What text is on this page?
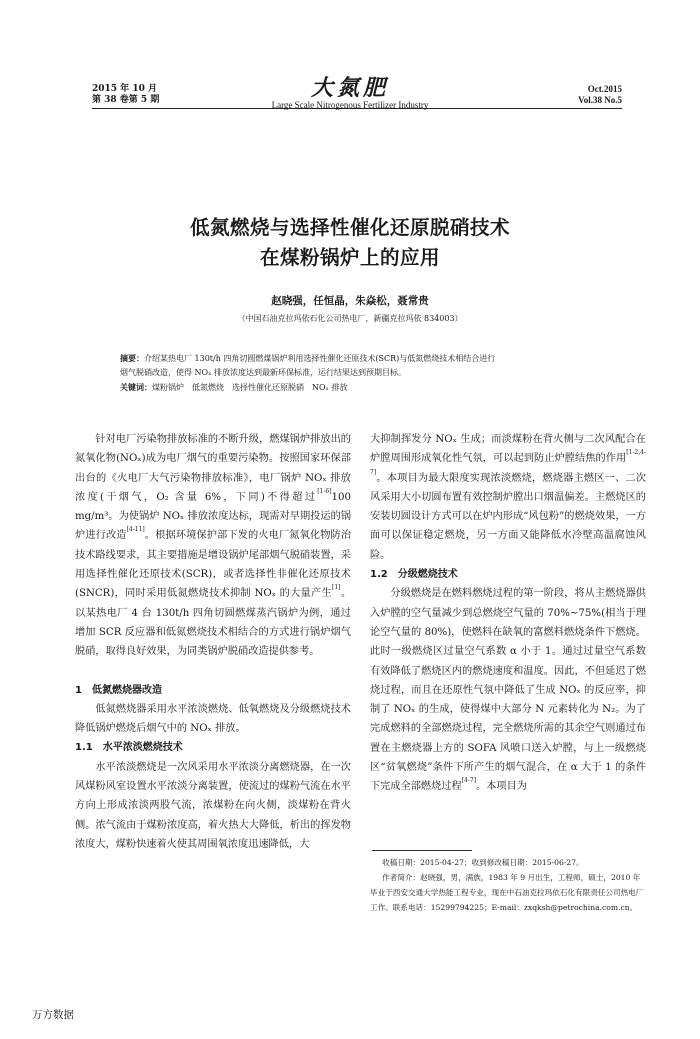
2015 年 10 月
第 38 卷第 5 期	大氮肥
Large Scale Nitrogenous Fertilizer Industry
Oct.2015
Vol.38 No.5
低氮燃烧与选择性催化还原脱硝技术
在煤粉锅炉上的应用
赵晓强，任恒晶，朱焱松，聂常贵
（中国石油克拉玛依石化公司热电厂，新疆克拉玛依 834003）

摘要：介绍某热电厂 130t/h 四角切圆燃煤锅炉利用选择性催化还原技术(SCR)与低氮燃烧技术相结合进行

烟气脱硝改造，使得 NOₓ 排放浓度达到最新环保标准，运行结果达到预期目标。

关键词：煤粉锅炉　低氮燃烧　选择性催化还原脱硝　NOₓ 排放

针对电厂污染物排放标准的不断升级，燃煤锅炉排放出的氮氧化物(NOₓ)成为电厂烟气的重要污染物。按照国家环保部出台的《火电厂大气污染物排放标准》，电厂锅炉 NOₓ 排放浓度(干烟气，O₂ 含量 6%，下同)不得超过[1-6]100 mg/m³。为使锅炉 NOₓ 排放浓度达标，现需对早期投运的锅炉进行改造[4-11]。根据环境保护部下发的火电厂氮氧化物防治技术路线要求，其主要措施是增设锅炉尾部烟气脱硝装置，采用选择性催化还原技术(SCR)，或者选择性非催化还原技术(SNCR)，同时采用低氮燃烧技术抑制 NOₓ 的大量产生[1]。以某热电厂 4 台 130t/h 四角切圆燃煤蒸汽锅炉为例，通过增加 SCR 反应器和低氮燃烧技术相结合的方式进行锅炉烟气脱硝，取得良好效果，为同类锅炉脱硝改造提供参考。

1　低氮燃烧器改造

低氮燃烧器采用水平浓淡燃烧、低氧燃烧及分级燃烧技术降低锅炉燃烧后烟气中的 NOₓ 排放。

1.1　水平浓淡燃烧技术

水平浓淡燃烧是一次风采用水平浓淡分离燃烧器，在一次风煤粉风室设置水平浓淡分离装置，使流过的煤粉气流在水平方向上形成浓淡两股气流，浓煤粉在向火侧，淡煤粉在背火侧。浓气流由于煤粉浓度高，着火热大大降低，析出的挥发物浓度大，煤粉快速着火使其周围氧浓度迅速降低，大

大抑制挥发分 NOₓ 生成；而淡煤粉在背火侧与二次风配合在炉膛周围形成氧化性气氛，可以起到防止炉膛结焦的作用[1-2,4-7]。本项目为最大限度实现浓淡燃烧，燃烧器主燃区一、二次风采用大小切圆布置有效控制炉膛出口烟温偏差。主燃烧区的安装切圆设计方式可以在炉内形成“风包粉”的燃烧效果，一方面可以保证稳定燃烧，另一方面又能降低水冷壁高温腐蚀风险。

1.2　分级燃烧技术

分级燃烧是在燃料燃烧过程的第一阶段，将从主燃烧器供入炉膛的空气量减少到总燃烧空气量的 70%~75%(相当于理论空气量的 80%)，使燃料在缺氧的富燃料燃烧条件下燃烧。此时一级燃烧区过量空气系数 α 小于 1。通过过量空气系数有效降低了燃烧区内的燃烧速度和温度。因此，不但延迟了燃烧过程，而且在还原性气氛中降低了生成 NOₓ 的反应率，抑制了 NOₓ 的生成，使得煤中大部分 N 元素转化为 N₂。为了完成燃料的全部燃烧过程，完全燃烧所需的其余空气则通过布置在主燃烧器上方的 SOFA 风喷口送入炉膛，与上一级燃烧区“贫氧燃烧”条件下所产生的烟气混合，在 α 大于 1 的条件下完成全部燃烧过程[4-7]。本项目为

收稿日期：2015-04-27；收到修改稿日期：2015-06-27。

作者简介：赵晓强，男，满族，1983 年 9 月出生，工程师，硕士，2010 年毕业于西安交通大学热能工程专业，现在中石油克拉玛依石化有限责任公司热电厂工作。联系电话：15299794225；E-mail：zxqksh@petrochina.com.cn。

万方数据
